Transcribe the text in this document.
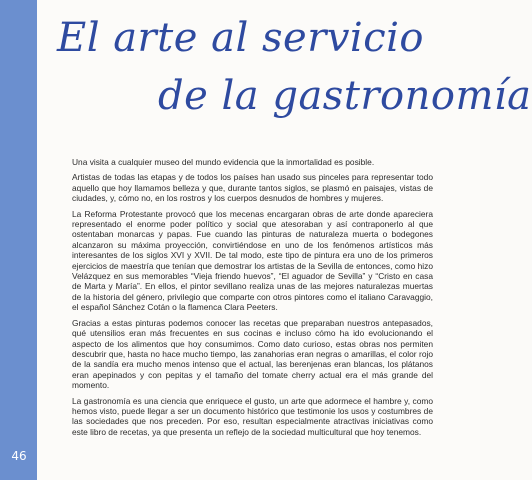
46
El arte al servicio
de la gastronomía

Una visita a cualquier museo del mundo evidencia que la inmortalidad es posible.

Artistas de todas las etapas y de todos los países han usado sus pinceles para representar todo aquello que hoy llamamos belleza y que, durante tantos siglos, se plasmó en paisajes, vistas de ciudades, y, cómo no, en los rostros y los cuerpos desnudos de hombres y mujeres.

La Reforma Protestante provocó que los mecenas encargaran obras de arte donde apareciera representado el enorme poder político y social que atesoraban y así contraponerlo al que ostentaban monarcas y papas. Fue cuando las pinturas de naturaleza muerta o bodegones alcanzaron su máxima proyección, convirtiéndose en uno de los fenómenos artísticos más interesantes de los siglos XVI y XVII. De tal modo, este tipo de pintura era uno de los primeros ejercicios de maestría que tenían que demostrar los artistas de la Sevilla de entonces, como hizo Velázquez en sus memorables “Vieja friendo huevos”, “El aguador de Sevilla” y “Cristo en casa de Marta y María”. En ellos, el pintor sevillano realiza unas de las mejores naturalezas muertas de la historia del género, privilegio que comparte con otros pintores como el italiano Caravaggio, el español Sánchez Cotán o la flamenca Clara Peeters.

Gracias a estas pinturas podemos conocer las recetas que preparaban nuestros antepasados, qué utensilios eran más frecuentes en sus cocinas e incluso cómo ha ido evolucionando el aspecto de los alimentos que hoy consumimos. Como dato curioso, estas obras nos permiten descubrir que, hasta no hace mucho tiempo, las zanahorias eran negras o amarillas, el color rojo de la sandía era mucho menos intenso que el actual, las berenjenas eran blancas, los plátanos eran apepinados y con pepitas y el tamaño del tomate cherry actual era el más grande del momento.

La gastronomía es una ciencia que enriquece el gusto, un arte que adormece el hambre y, como hemos visto, puede llegar a ser un documento histórico que testimonie los usos y costumbres de las sociedades que nos preceden. Por eso, resultan especialmente atractivas iniciativas como este libro de recetas, ya que presenta un reflejo de la sociedad multicultural que hoy tenemos.
